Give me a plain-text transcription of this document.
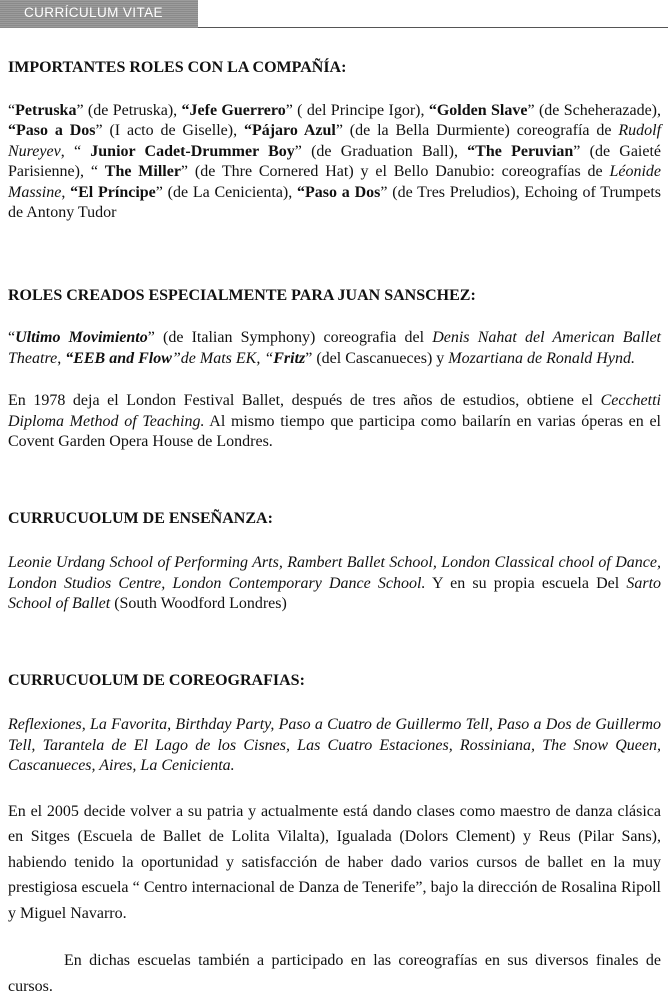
CURRÍCULUM VITAE
IMPORTANTES ROLES CON LA COMPAÑÍA:

“Petruska” (de Petruska), “Jefe Guerrero” ( del Principe Igor), “Golden Slave” (de Scheherazade), “Paso a Dos” (I acto de Giselle), “Pájaro Azul” (de la Bella Durmiente) coreografía de Rudolf Nureyev, “ Junior Cadet-Drummer Boy” (de Graduation Ball), “The Peruvian” (de Gaieté Parisienne), “ The Miller” (de Thre Cornered Hat) y el Bello Danubio: coreografías de Léonide Massine, “El Príncipe” (de La Cenicienta), “Paso a Dos” (de Tres Preludios), Echoing of Trumpets de Antony Tudor

ROLES CREADOS ESPECIALMENTE PARA JUAN SANSCHEZ:

“Ultimo Movimiento” (de Italian Symphony) coreografia del Denis Nahat del American Ballet Theatre, “EEB and Flow”de Mats EK, “Fritz” (del Cascanueces) y Mozartiana de Ronald Hynd.

En 1978 deja el London Festival Ballet, después de tres años de estudios, obtiene el Cecchetti Diploma Method of Teaching. Al mismo tiempo que participa como bailarín en varias óperas en el Covent Garden Opera House de Londres.

CURRUCUOLUM DE ENSEÑANZA:

Leonie Urdang School of Performing Arts, Rambert Ballet School, London Classical chool of Dance, London Studios Centre, London Contemporary Dance School. Y en su propia escuela Del Sarto School of Ballet (South Woodford Londres)

CURRUCUOLUM DE COREOGRAFIAS:

Reflexiones, La Favorita, Birthday Party, Paso a Cuatro de Guillermo Tell, Paso a Dos de Guillermo Tell, Tarantela de El Lago de los Cisnes, Las Cuatro Estaciones, Rossiniana, The Snow Queen, Cascanueces, Aires, La Cenicienta.

En el 2005 decide volver a su patria y actualmente está dando clases como maestro de danza clásica en Sitges (Escuela de Ballet de Lolita Vilalta), Igualada (Dolors Clement) y Reus (Pilar Sans), habiendo tenido la oportunidad y satisfacción de haber dado varios cursos de ballet en la muy prestigiosa escuela “ Centro internacional de Danza de Tenerife”, bajo la dirección de Rosalina Ripoll y Miguel Navarro.

En dichas escuelas también a participado en las coreografías en sus diversos finales de cursos.
